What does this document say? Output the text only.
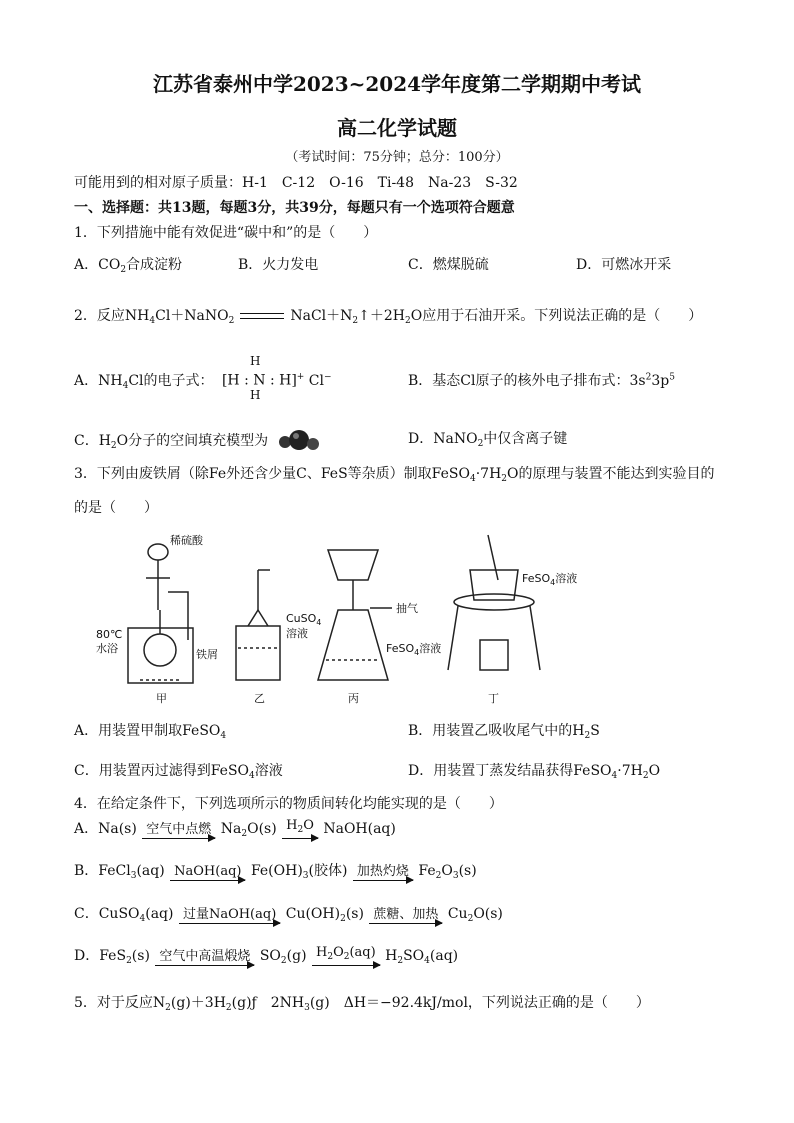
江苏省泰州中学2023~2024学年度第二学期期中考试
高二化学试题
（考试时间：75分钟；总分：100分）
可能用到的相对原子质量：H-1　C-12　O-16　Ti-48　Na-23　S-32
一、选择题：共13题，每题3分，共39分，每题只有一个选项符合题意
1．下列措施中能有效促进“碳中和”的是（　　）
A．$CO_2$合成淀粉	B．火力发电	C．燃煤脱硫	D．可燃冰开采
2．反应$NH_4Cl+NaNO_2$	$NaCl+N_2↑+2H_2O$应用于石油开采。下列说法正确的是（　　）
A．$NH_4Cl$的电子式：
H
[H : N : H]+
H
Cl−	B．基态Cl原子的核外电子排布式：$3s^23p^5$
C．$H_2O$分子的空间填充模型为	D．NaNO$_2$中仅含离子键
3．下列由废铁屑（除Fe外还含少量C、FeS等杂质）制取$FeSO_4\cdot 7H_2O$的原理与装置不能达到实验目的
的是（　　）
稀硫酸
80℃
水浴	铁屑
CuSO$_4$
溶液
抽气
FeSO$_4$溶液
FeSO$_4$溶液
甲	乙	丙	丁
A．用装置甲制取FeSO$_4$	B．用装置乙吸收尾气中的$H_2S$
C．用装置丙过滤得到FeSO$_4$溶液	D．用装置丁蒸发结晶获得$FeSO_4\cdot 7H_2O$
4．在给定条件下，下列选项所示的物质间转化均能实现的是（　　）
A．Na(s) 空气中点燃 $Na_2O(s)$ $H_2O$ NaOH(aq)
B．FeCl$_3$(aq) NaOH(aq) $Fe(OH)_3$(胶体) 加热灼烧 $Fe_2O_3(s)$
C．CuSO$_4$(aq) 过量NaOH(aq) $Cu(OH)_2(s)$ 蔗糖、加热 $Cu_2O(s)$
D．FeS$_2$(s) 空气中高温煅烧 $SO_2(g)$ $H_2O_2(aq)$ $H_2SO_4(aq)$
5．对于反应$N_2(g)+3H_2(g)ƒ$　$2NH_3(g)$　ΔH＝−92.4kJ/mol，下列说法正确的是（　　）
